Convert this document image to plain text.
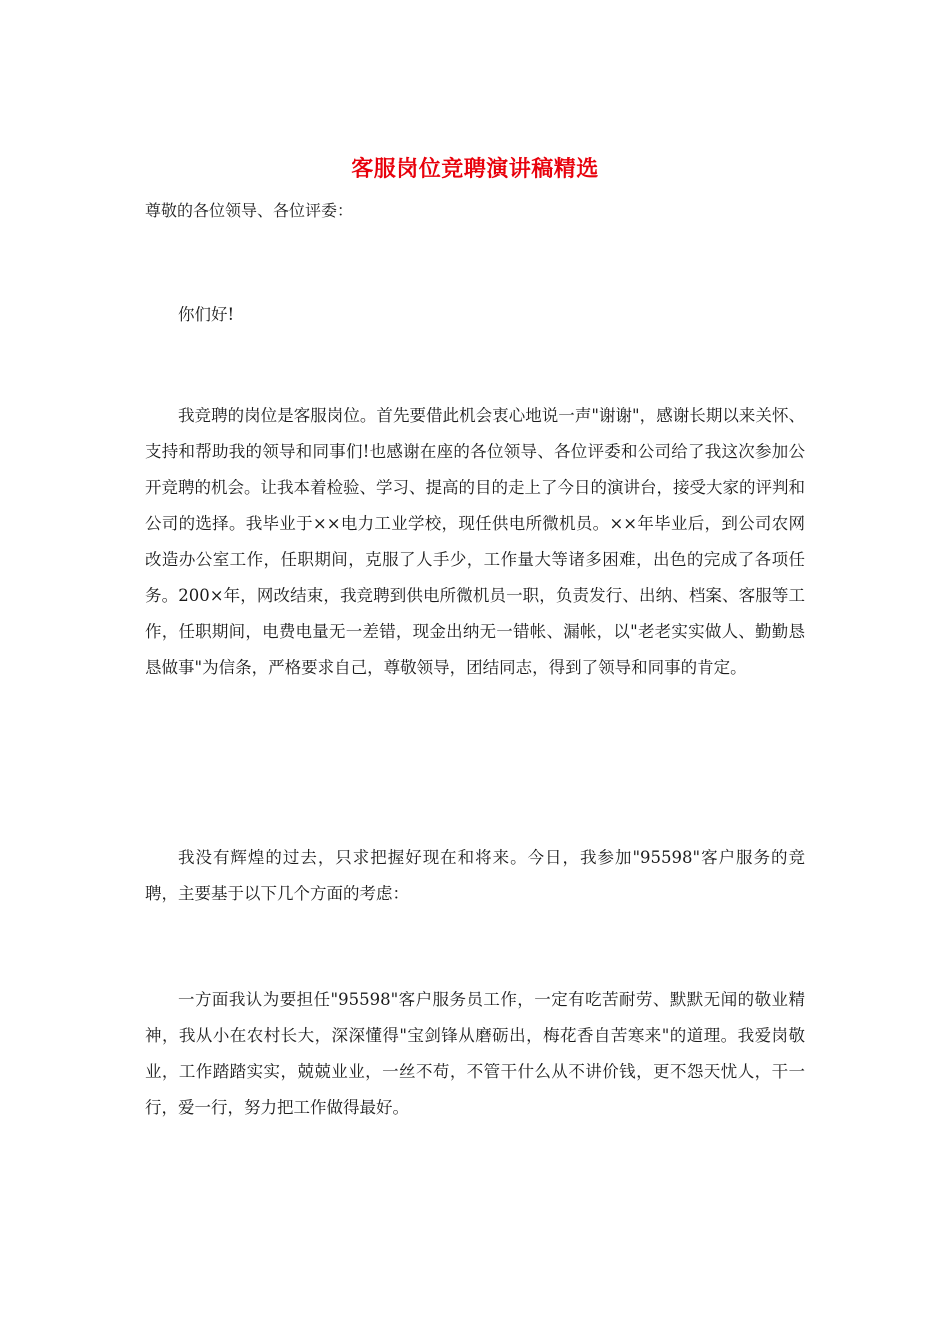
客服岗位竞聘演讲稿精选
尊敬的各位领导、各位评委：

你们好!

我竞聘的岗位是客服岗位。首先要借此机会衷心地说一声"谢谢"，感谢长期以来关怀、支持和帮助我的领导和同事们!也感谢在座的各位领导、各位评委和公司给了我这次参加公开竞聘的机会。让我本着检验、学习、提高的目的走上了今日的演讲台，接受大家的评判和公司的选择。我毕业于××电力工业学校，现任供电所微机员。××年毕业后，到公司农网改造办公室工作，任职期间，克服了人手少，工作量大等诸多困难，出色的完成了各项任务。200×年，网改结束，我竞聘到供电所微机员一职，负责发行、出纳、档案、客服等工作，任职期间，电费电量无一差错，现金出纳无一错帐、漏帐，以"老老实实做人、勤勤恳恳做事"为信条，严格要求自己，尊敬领导，团结同志，得到了领导和同事的肯定。

我没有辉煌的过去，只求把握好现在和将来。今日，我参加"95598"客户服务的竞聘，主要基于以下几个方面的考虑：

一方面我认为要担任"95598"客户服务员工作，一定有吃苦耐劳、默默无闻的敬业精神，我从小在农村长大，深深懂得"宝剑锋从磨砺出，梅花香自苦寒来"的道理。我爱岗敬业，工作踏踏实实，兢兢业业，一丝不苟，不管干什么从不讲价钱，更不怨天忧人，干一行，爱一行，努力把工作做得最好。
